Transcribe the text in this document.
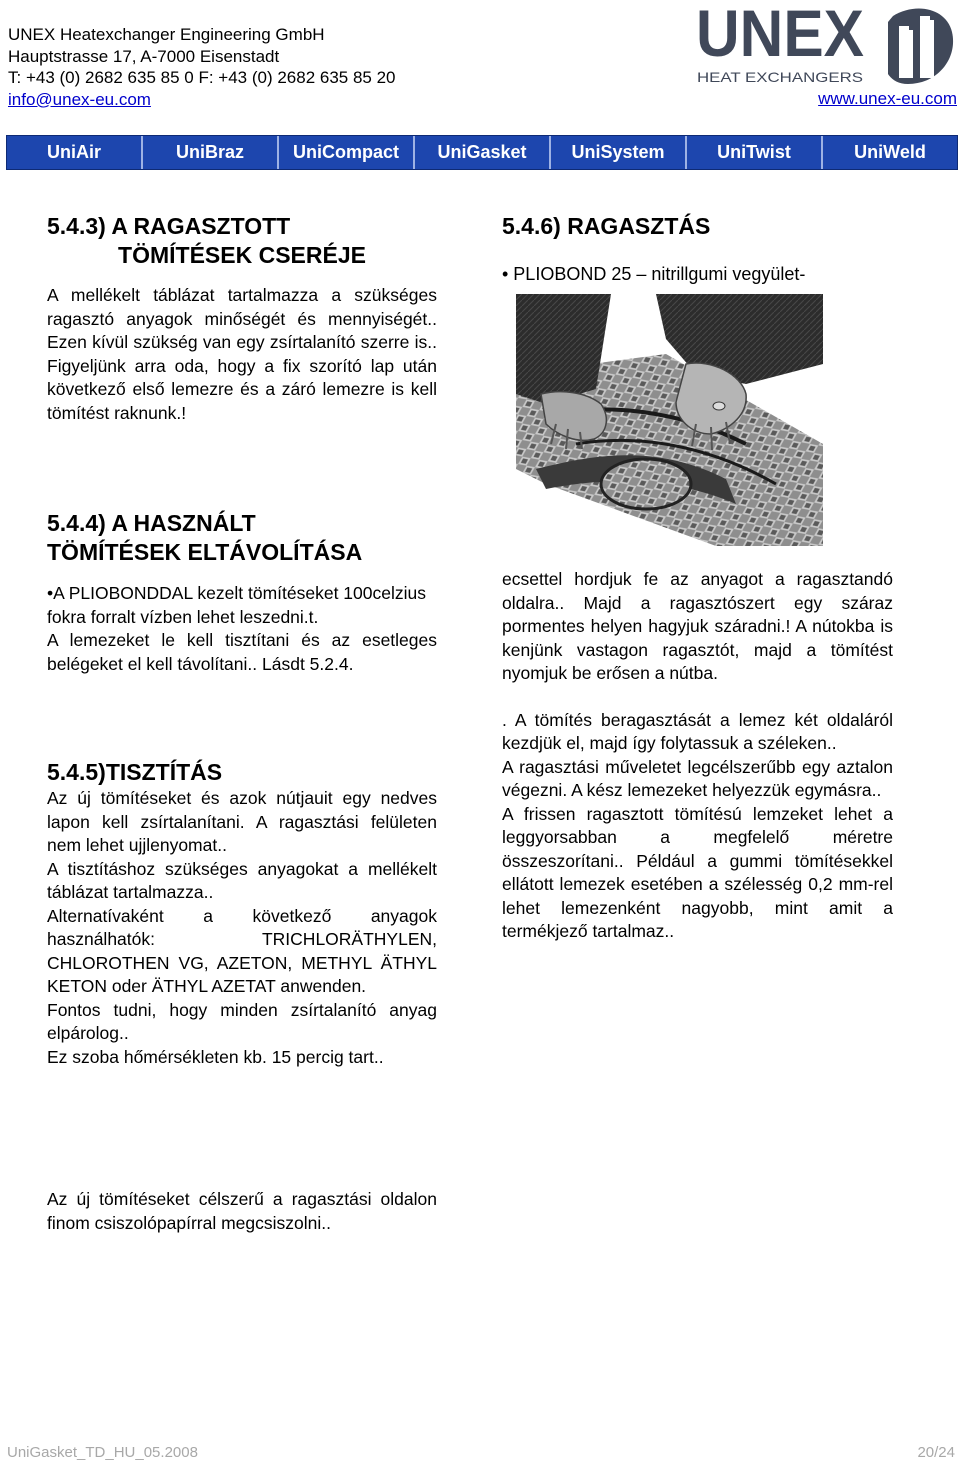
UNEX Heatexchanger Engineering GmbH
Hauptstrasse 17, A-7000 Eisenstadt
T: +43 (0) 2682 635 85 0 F: +43 (0) 2682 635 85 20
info@unex-eu.com	www.unex-eu.com
UNEX
HEAT EXCHANGERS
UniAir	UniBraz	UniCompact	UniGasket	UniSystem	UniTwist	UniWeld
5.4.3) A RAGASZTOTT
TÖMÍTÉSEK CSERÉJE

A mellékelt táblázat tartalmazza a szükséges ragasztó anyagok minőségét és mennyiségét.. Ezen kívül szükség van egy zsírtalanító szerre is.. Figyeljünk arra oda, hogy a fix szorító lap után következő első lemezre és a záró lemezre is kell tömítést raknunk.!

5.4.4) A HASZNÁLT
TÖMÍTÉSEK ELTÁVOLÍTÁSA

•A PLIOBONDDAL kezelt tömítéseket 100celzius fokra forralt vízben lehet leszedni.t.

A lemezeket le kell tisztítani és az esetleges belégeket el kell távolítani.. Lásdt 5.2.4.

5.4.5)TISZTÍTÁS

Az új tömítéseket és azok nútjauit egy nedves lapon kell zsírtalanítani. A ragasztási felületen nem lehet ujjlenyomat..

A tisztításhoz szükséges anyagokat a mellékelt táblázat tartalmazza..

Alternatívaként a következő anyagok használhatók: TRICHLORÄTHYLEN, CHLOROTHEN VG, AZETON, METHYL ÄTHYL KETON oder ÄTHYL AZETAT anwenden.

Fontos tudni, hogy minden zsírtalanító anyag elpárolog..

Ez szoba hőmérsékleten kb. 15 percig tart..

Az új tömítéseket célszerű a ragasztási oldalon finom csiszolópapírral megcsiszolni..

5.4.6) RAGASZTÁS

• PLIOBOND 25 – nitrillgumi vegyület-

ecsettel hordjuk fe az anyagot a ragasztandó oldalra.. Majd a ragasztószert egy száraz pormentes helyen hagyjuk száradni.! A nútokba is kenjünk vastagon ragasztót, majd a tömítést nyomjuk be erősen a nútba.

. A tömítés beragasztását a lemez két oldaláról kezdjük el, majd így folytassuk a széleken..

A ragasztási műveletet legcélszerűbb egy aztalon végezni. A kész lemezeket helyezzük egymásra..

A frissen ragasztott tömítésú lemzeket lehet a leggyorsabban a megfelelő méretre összeszorítani.. Például a gummi tömítésekkel ellátott lemezek esetében a szélesség 0,2 mm-rel lehet lemezenként nagyobb, mint amit a termékjező tartalmaz..

UniGasket_TD_HU_05.2008	20/24
